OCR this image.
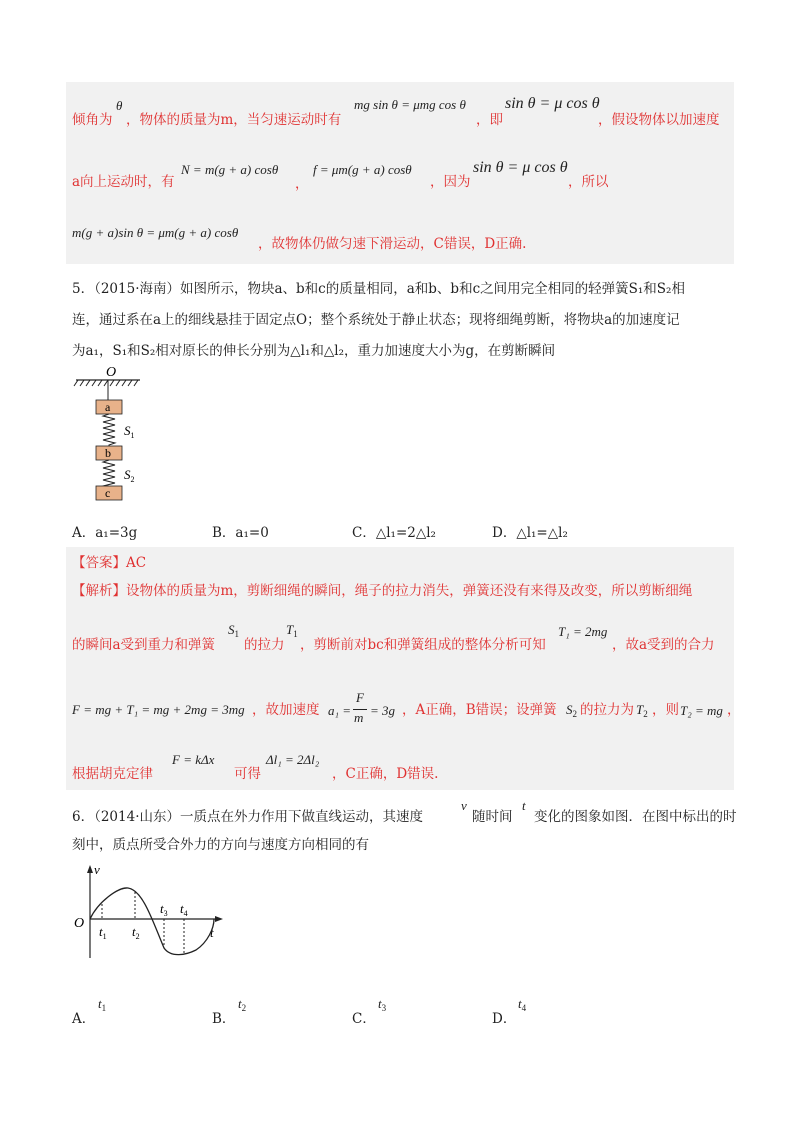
倾角为
θ
，物体的质量为m，当匀速运动时有
mg sin θ = μmg cos θ
，即
sin θ = μ cos θ
，假设物体以加速度
a向上运动时，有
N = m(g + a) cosθ
，
f = μm(g + a) cosθ
，因为
sin θ = μ cos θ
，所以
m(g + a)sin θ = μm(g + a) cosθ
，故物体仍做匀速下滑运动，C错误，D正确.
5．（2015·海南）如图所示，物块a、b和c的质量相同，a和b、b和c之间用完全相同的轻弹簧S₁和S₂相
连，通过系在a上的细线悬挂于固定点O；整个系统处于静止状态；现将细绳剪断，将物块a的加速度记
为a₁，S₁和S₂相对原长的伸长分别为△l₁和△l₂，重力加速度大小为g，在剪断瞬间
O
a
$S_1$
b
$S_2$
c
A．a₁=3g	B．a₁=0	C．△l₁=2△l₂	D．△l₁=△l₂
【答案】AC
【解析】设物体的质量为m，剪断细绳的瞬间，绳子的拉力消失，弹簧还没有来得及改变，所以剪断细绳
的瞬间a受到重力和弹簧
$S_1$
的拉力
$T_1$
，剪断前对bc和弹簧组成的整体分析可知
T₁ = 2mg
，故a受到的合力
F = mg + T₁ = mg + 2mg = 3mg ，故加速度 a₁ =
F
m = 3g ，A正确，B错误；设弹簧 $S_2$ 的拉力为 $T_2$ ，则 T₂ = mg ，
根据胡克定律
F = kΔx
可得
Δl₁ = 2Δl₂
，C正确，D错误.
6．（2014·山东）一质点在外力作用下做直线运动，其速度
v
随时间
t
变化的图象如图．在图中标出的时
刻中，质点所受合外力的方向与速度方向相同的有
v
t
O
$t_1$ $t_2$
$t_3$ $t_4$
A．
$t_1$
B．
$t_2$
C．
$t_3$
D．
$t_4$
